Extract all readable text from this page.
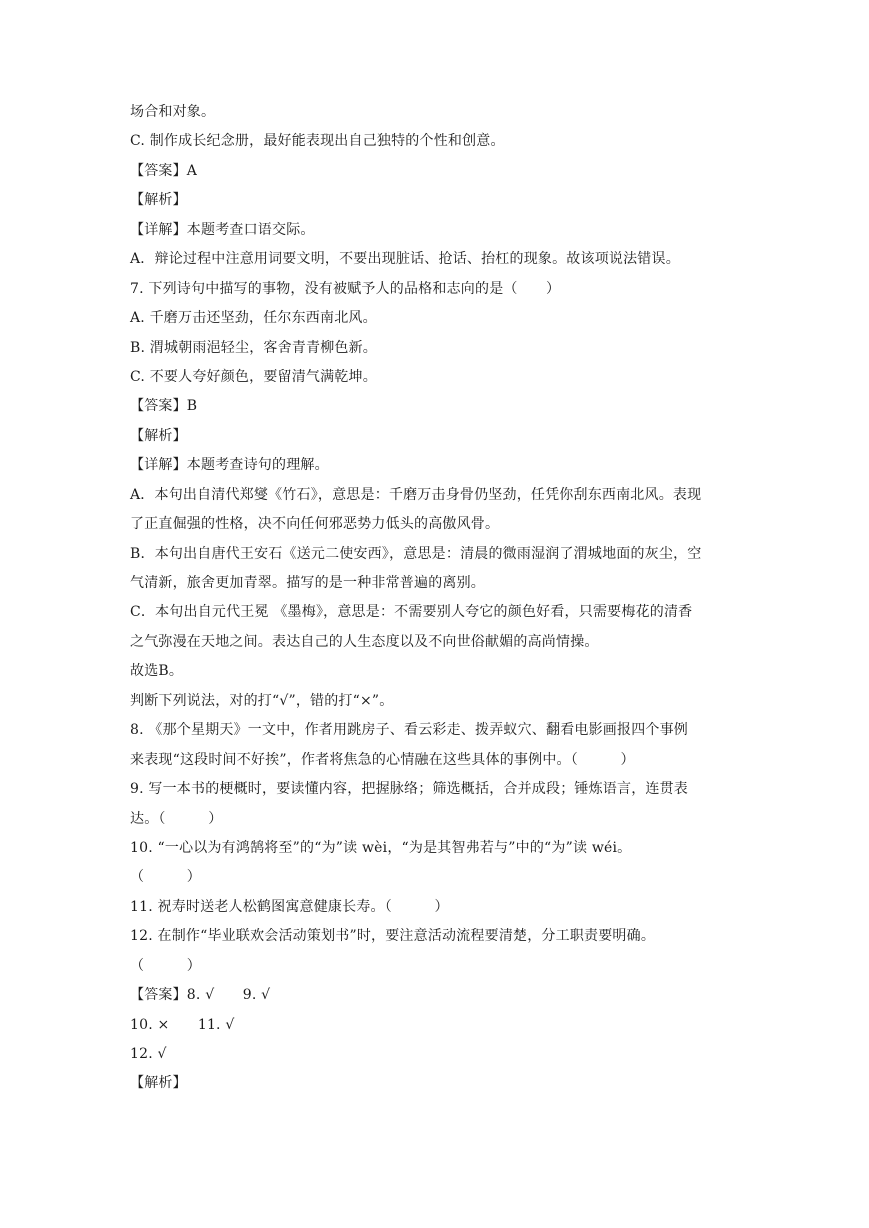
场合和对象。
C. 制作成长纪念册，最好能表现出自己独特的个性和创意。
【答案】A
【解析】
【详解】本题考查口语交际。
A．辩论过程中注意用词要文明，不要出现脏话、抢话、抬杠的现象。故该项说法错误。
7. 下列诗句中描写的事物，没有被赋予人的品格和志向的是（　　）
A. 千磨万击还坚劲，任尔东西南北风。
B. 渭城朝雨浥轻尘，客舍青青柳色新。
C. 不要人夸好颜色，要留清气满乾坤。
【答案】B
【解析】
【详解】本题考查诗句的理解。
A．本句出自清代郑燮《竹石》，意思是：千磨万击身骨仍坚劲，任凭你刮东西南北风。表现
了正直倔强的性格，决不向任何邪恶势力低头的高傲风骨。
B．本句出自唐代王安石《送元二使安西》，意思是：清晨的微雨湿润了渭城地面的灰尘，空
气清新，旅舍更加青翠。描写的是一种非常普遍的离别。
C．本句出自元代王冕 《墨梅》，意思是：不需要别人夸它的颜色好看，只需要梅花的清香
之气弥漫在天地之间。表达自己的人生态度以及不向世俗献媚的高尚情操。
故选B。
判断下列说法，对的打“√”，错的打“×”。
8. 《那个星期天》一文中，作者用跳房子、看云彩走、拨弄蚁穴、翻看电影画报四个事例
来表现“这段时间不好挨”，作者将焦急的心情融在这些具体的事例中。（　　　）
9. 写一本书的梗概时，要读懂内容，把握脉络；筛选概括，合并成段；锤炼语言，连贯表
达。（　　　）
10. “一心以为有鸿鹄将至”的“为”读 wèi，“为是其智弗若与”中的“为”读 wéi。
（　　　）
11. 祝寿时送老人松鹤图寓意健康长寿。（　　　）
12. 在制作“毕业联欢会活动策划书”时，要注意活动流程要清楚，分工职责要明确。
（　　　）
【答案】8. √　　9. √
10. ×　　11. √
12. √
【解析】
